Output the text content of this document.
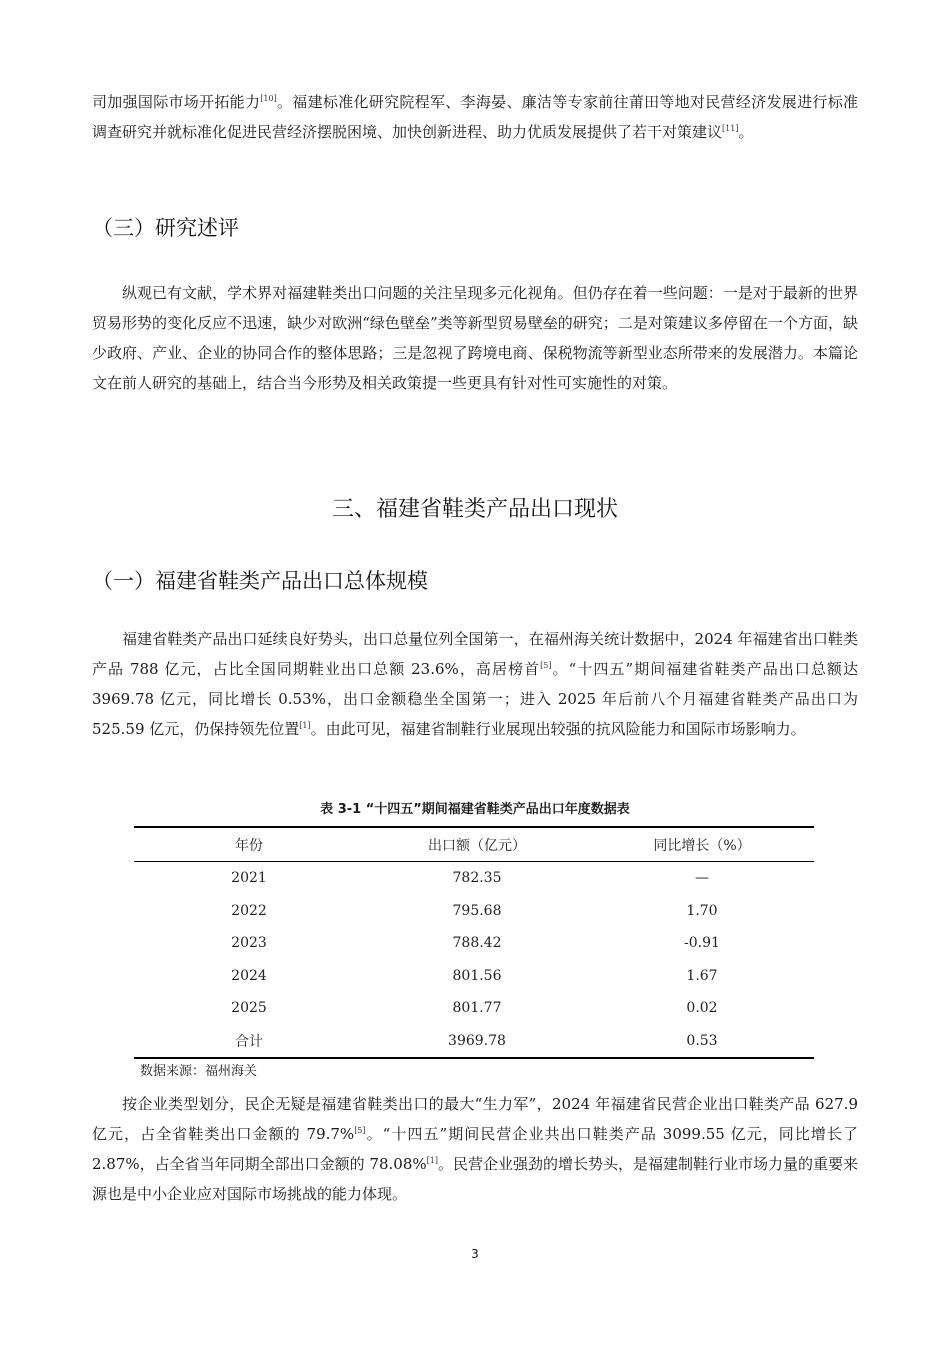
司加强国际市场开拓能力[10]。福建标准化研究院程军、李海晏、廉洁等专家前往莆田等地对民营经济发展进行标准调查研究并就标准化促进民营经济摆脱困境、加快创新进程、助力优质发展提供了若干对策建议[11]。

（三）研究述评

纵观已有文献，学术界对福建鞋类出口问题的关注呈现多元化视角。但仍存在着一些问题：一是对于最新的世界贸易形势的变化反应不迅速，缺少对欧洲“绿色壁垒”类等新型贸易壁垒的研究；二是对策建议多停留在一个方面，缺少政府、产业、企业的协同合作的整体思路；三是忽视了跨境电商、保税物流等新型业态所带来的发展潜力。本篇论文在前人研究的基础上，结合当今形势及相关政策提一些更具有针对性可实施性的对策。

三、福建省鞋类产品出口现状
（一）福建省鞋类产品出口总体规模

福建省鞋类产品出口延续良好势头，出口总量位列全国第一，在福州海关统计数据中，2024 年福建省出口鞋类产品 788 亿元，占比全国同期鞋业出口总额 23.6%，高居榜首[5]。“十四五”期间福建省鞋类产品出口总额达 3969.78 亿元，同比增长 0.53%，出口金额稳坐全国第一；进入 2025 年后前八个月福建省鞋类产品出口为 525.59 亿元，仍保持领先位置[1]。由此可见，福建省制鞋行业展现出较强的抗风险能力和国际市场影响力。

表 3-1 “十四五”期间福建省鞋类产品出口年度数据表

年份	出口额（亿元）	同比增长（%）
2021	782.35	—
2022	795.68	1.70
2023	788.42	-0.91
2024	801.56	1.67
2025	801.77	0.02
合计	3969.78	0.53

数据来源：福州海关

按企业类型划分，民企无疑是福建省鞋类出口的最大“生力军”，2024 年福建省民营企业出口鞋类产品 627.9 亿元，占全省鞋类出口金额的 79.7%[5]。“十四五”期间民营企业共出口鞋类产品 3099.55 亿元，同比增长了 2.87%，占全省当年同期全部出口金额的 78.08%[1]。民营企业强劲的增长势头，是福建制鞋行业市场力量的重要来源也是中小企业应对国际市场挑战的能力体现。

3
